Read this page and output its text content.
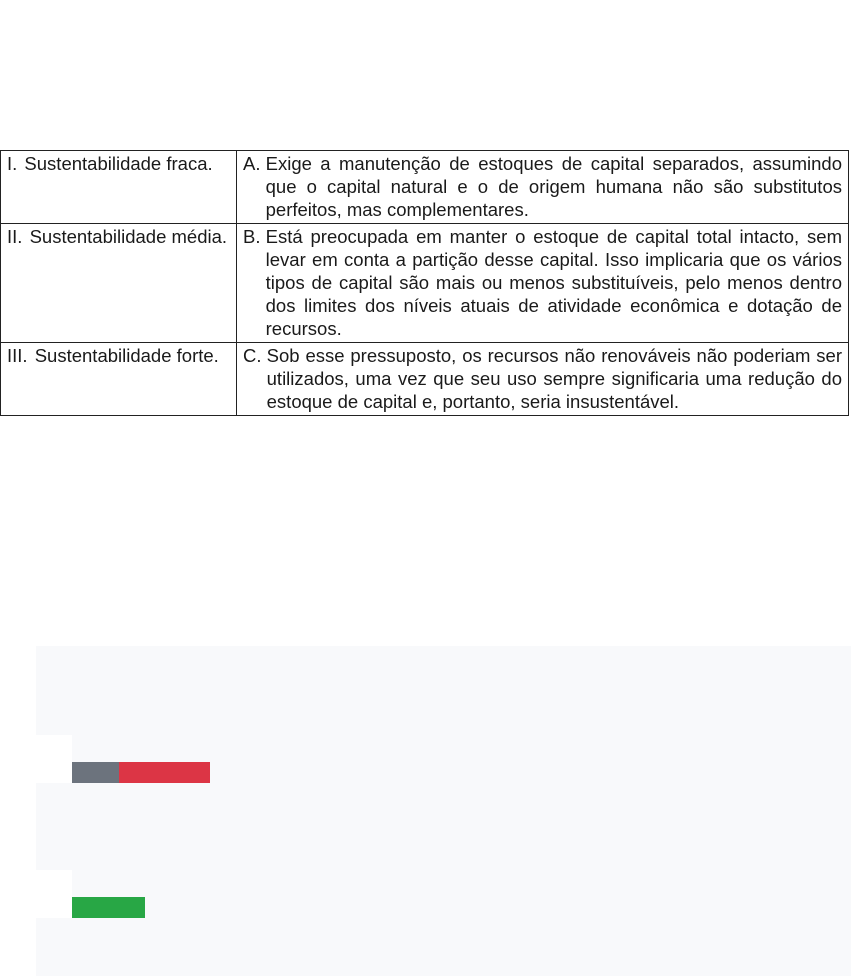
I. Sustentabilidade fraca.	A. Exige a manutenção de estoques de capital separados, assumindo que o capital natural e o de origem humana não são substitutos perfeitos, mas complementares.

II. Sustentabilidade média.	B. Está preocupada em manter o estoque de capital total intacto, sem levar em conta a partição desse capital. Isso implicaria que os vários tipos de capital são mais ou menos substituíveis, pelo menos dentro dos limites dos níveis atuais de atividade econômica e dotação de recursos.

III. Sustentabilidade forte.	C. Sob esse pressuposto, os recursos não renováveis não poderiam ser utilizados, uma vez que seu uso sempre significaria uma redução do estoque de capital e, portanto, seria insustentável.
